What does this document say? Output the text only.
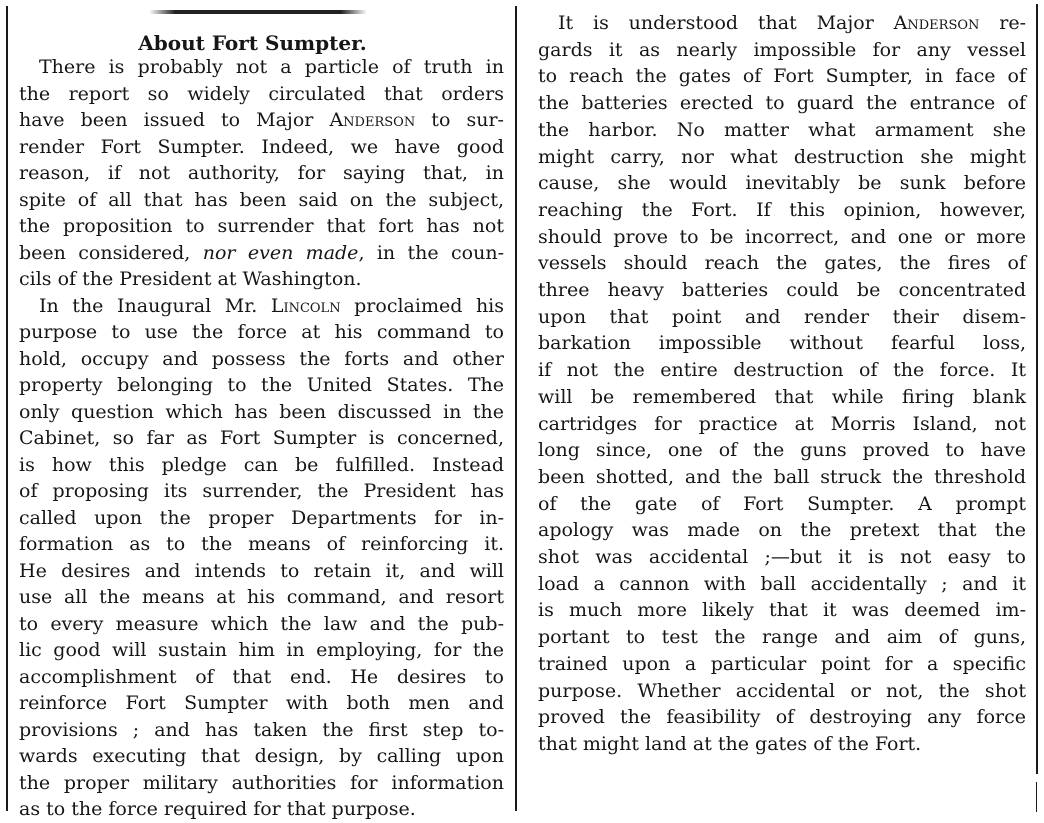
About Fort Sumpter.
There is probably not a particle of truth in
the report so widely circulated that orders
have been issued to Major Anderson to sur-
render Fort Sumpter. Indeed, we have good
reason, if not authority, for saying that, in
spite of all that has been said on the subject,
the proposition to surrender that fort has not
been considered, nor even made, in the coun-
cils of the President at Washington.
In the Inaugural Mr. Lincoln proclaimed his
purpose to use the force at his command to
hold, occupy and possess the forts and other
property belonging to the United States. The
only question which has been discussed in the
Cabinet, so far as Fort Sumpter is concerned,
is how this pledge can be fulfilled. Instead
of proposing its surrender, the President has
called upon the proper Departments for in-
formation as to the means of reinforcing it.
He desires and intends to retain it, and will
use all the means at his command, and resort
to every measure which the law and the pub-
lic good will sustain him in employing, for the
accomplishment of that end. He desires to
reinforce Fort Sumpter with both men and
provisions ; and has taken the first step to-
wards executing that design, by calling upon
the proper military authorities for information
as to the force required for that purpose.
It is understood that Major Anderson re-
gards it as nearly impossible for any vessel
to reach the gates of Fort Sumpter, in face of
the batteries erected to guard the entrance of
the harbor. No matter what armament she
might carry, nor what destruction she might
cause, she would inevitably be sunk before
reaching the Fort. If this opinion, however,
should prove to be incorrect, and one or more
vessels should reach the gates, the fires of
three heavy batteries could be concentrated
upon that point and render their disem-
barkation impossible without fearful loss,
if not the entire destruction of the force. It
will be remembered that while firing blank
cartridges for practice at Morris Island, not
long since, one of the guns proved to have
been shotted, and the ball struck the threshold
of the gate of Fort Sumpter. A prompt
apology was made on the pretext that the
shot was accidental ;—but it is not easy to
load a cannon with ball accidentally ; and it
is much more likely that it was deemed im-
portant to test the range and aim of guns,
trained upon a particular point for a specific
purpose. Whether accidental or not, the shot
proved the feasibility of destroying any force
that might land at the gates of the Fort.
